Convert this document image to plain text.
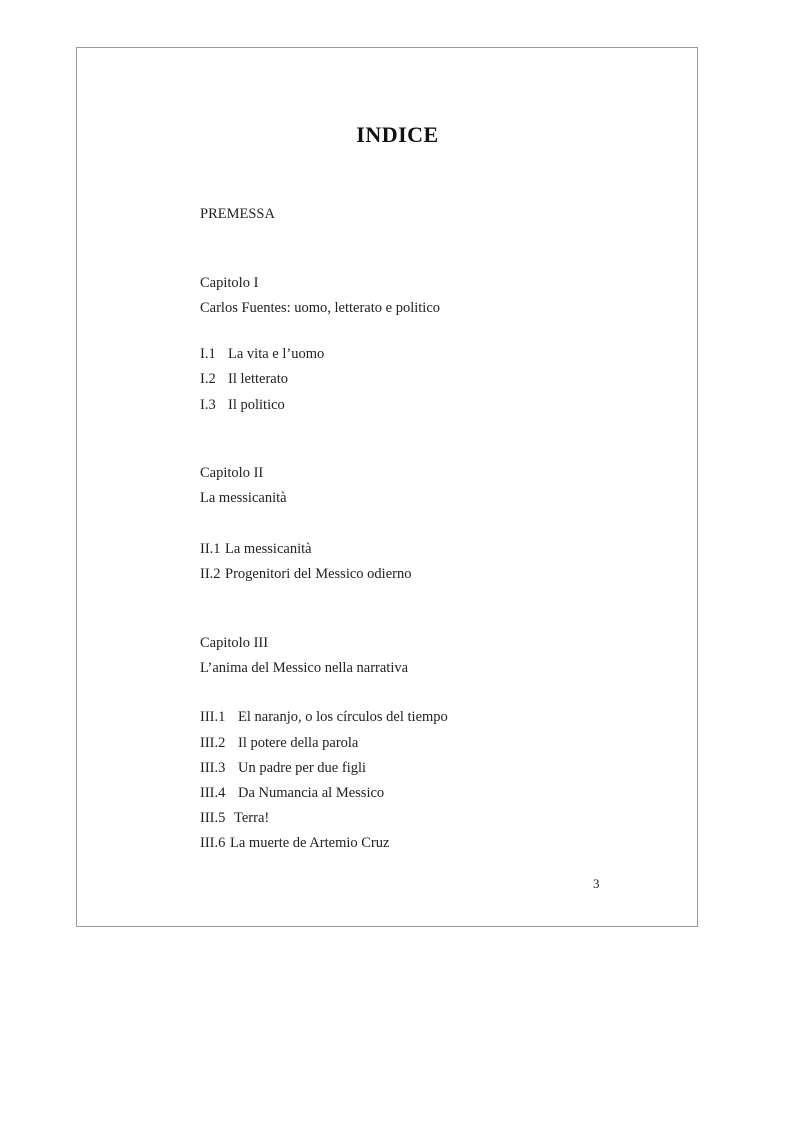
INDICE
PREMESSA
Capitolo I
Carlos Fuentes: uomo, letterato e politico
I.1 La vita e l’uomo
I.2 Il letterato
I.3 Il politico
Capitolo II
La messicanità
II.1 La messicanità
II.2 Progenitori del Messico odierno
Capitolo III
L’anima del Messico nella narrativa
III.1 El naranjo, o los círculos del tiempo
III.2 Il potere della parola
III.3 Un padre per due figli
III.4 Da Numancia al Messico
III.5 Terra!
III.6 La muerte de Artemio Cruz
3
